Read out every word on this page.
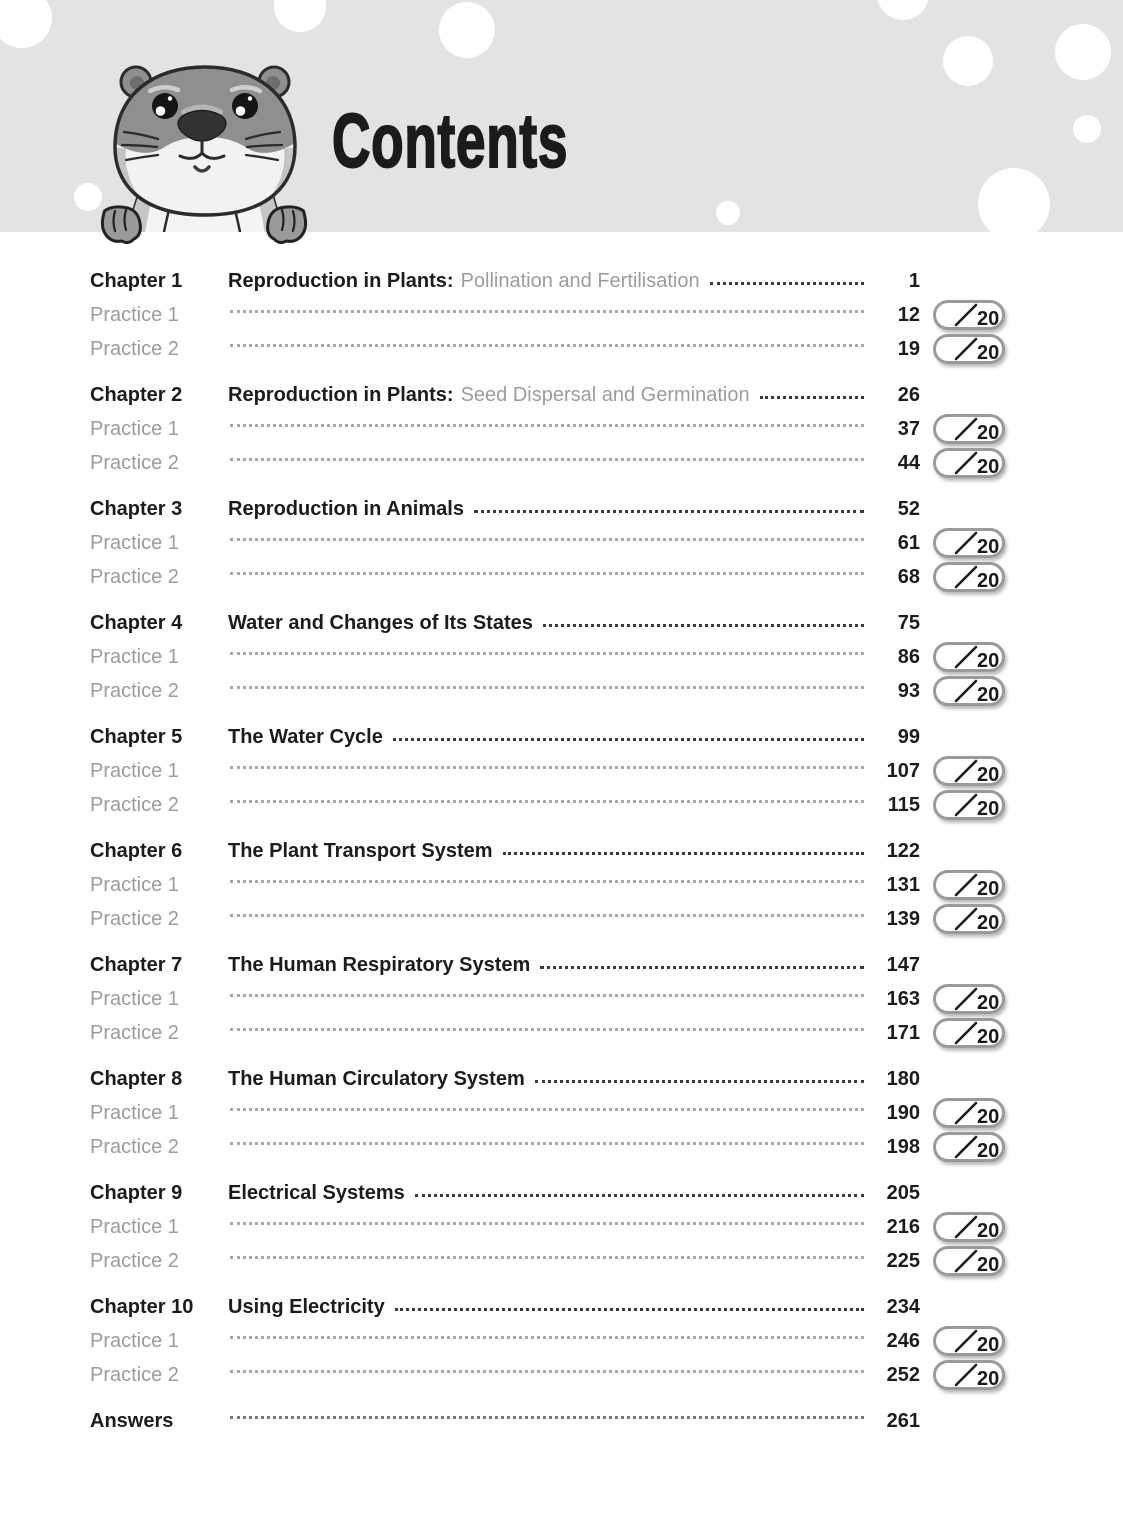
Contents
Chapter 1	Reproduction in Plants: Pollination and Fertilisation	1
Practice 1	12	20
Practice 2	19	20
Chapter 2	Reproduction in Plants: Seed Dispersal and Germination	26
Practice 1	37	20
Practice 2	44	20
Chapter 3	Reproduction in Animals	52
Practice 1	61	20
Practice 2	68	20
Chapter 4	Water and Changes of Its States	75
Practice 1	86	20
Practice 2	93	20
Chapter 5	The Water Cycle	99
Practice 1	107	20
Practice 2	115	20
Chapter 6	The Plant Transport System	122
Practice 1	131	20
Practice 2	139	20
Chapter 7	The Human Respiratory System	147
Practice 1	163	20
Practice 2	171	20
Chapter 8	The Human Circulatory System	180
Practice 1	190	20
Practice 2	198	20
Chapter 9	Electrical Systems	205
Practice 1	216	20
Practice 2	225	20
Chapter 10	Using Electricity	234
Practice 1	246	20
Practice 2	252	20
Answers	261
